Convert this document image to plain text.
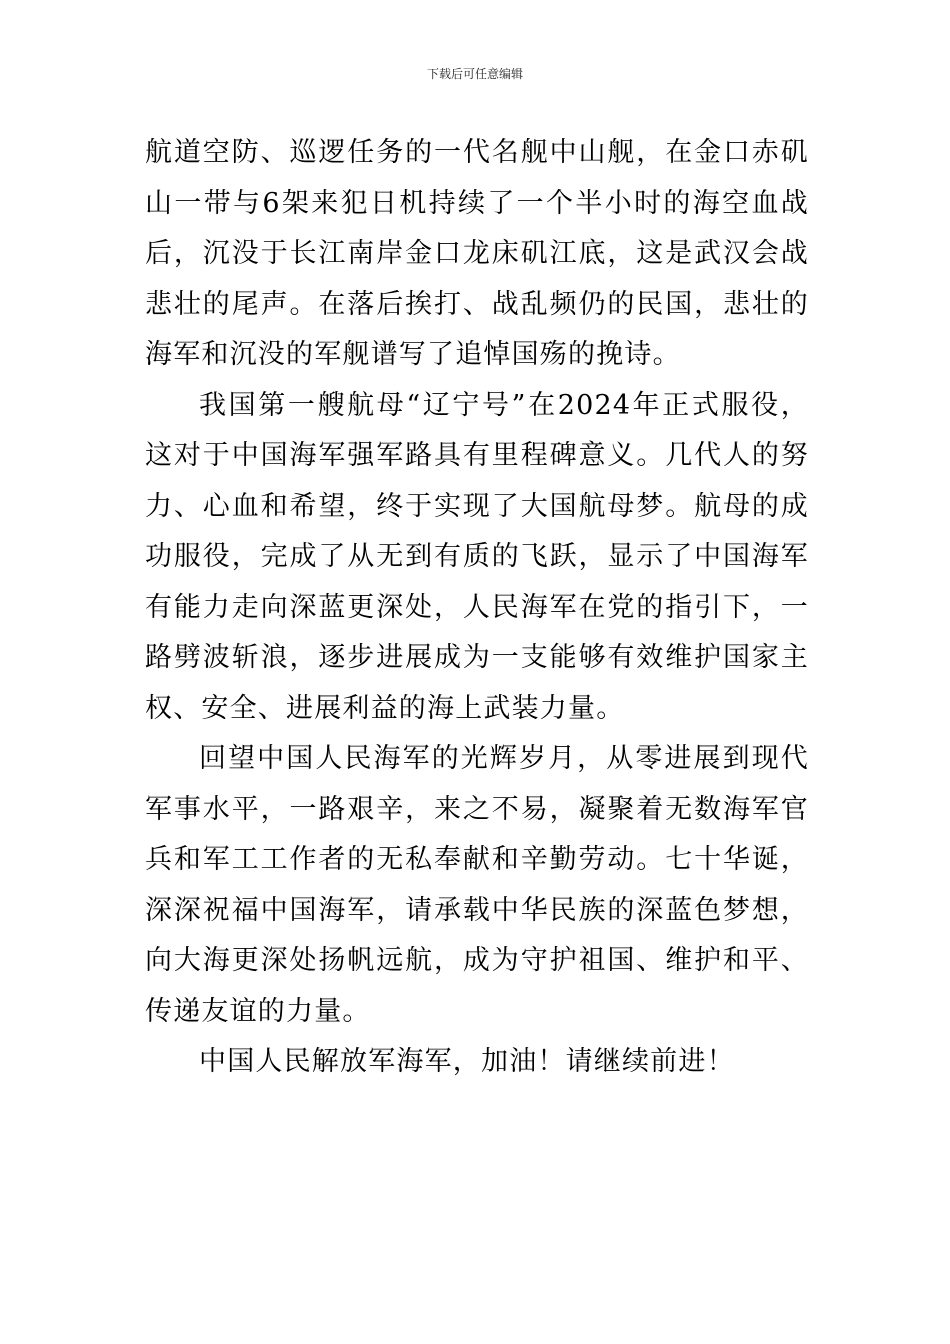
下载后可任意编辑

航道空防、巡逻任务的一代名舰中山舰，在金口赤矶山一带与6架来犯日机持续了一个半小时的海空血战后，沉没于长江南岸金口龙床矶江底，这是武汉会战悲壮的尾声。在落后挨打、战乱频仍的民国，悲壮的海军和沉没的军舰谱写了追悼国殇的挽诗。

我国第一艘航母“辽宁号”在2024年正式服役，这对于中国海军强军路具有里程碑意义。几代人的努力、心血和希望，终于实现了大国航母梦。航母的成功服役，完成了从无到有质的飞跃，显示了中国海军有能力走向深蓝更深处，人民海军在党的指引下，一路劈波斩浪，逐步进展成为一支能够有效维护国家主权、安全、进展利益的海上武装力量。

回望中国人民海军的光辉岁月，从零进展到现代军事水平，一路艰辛，来之不易，凝聚着无数海军官兵和军工工作者的无私奉献和辛勤劳动。七十华诞，深深祝福中国海军，请承载中华民族的深蓝色梦想，向大海更深处扬帆远航，成为守护祖国、维护和平、传递友谊的力量。

中国人民解放军海军，加油！请继续前进！
